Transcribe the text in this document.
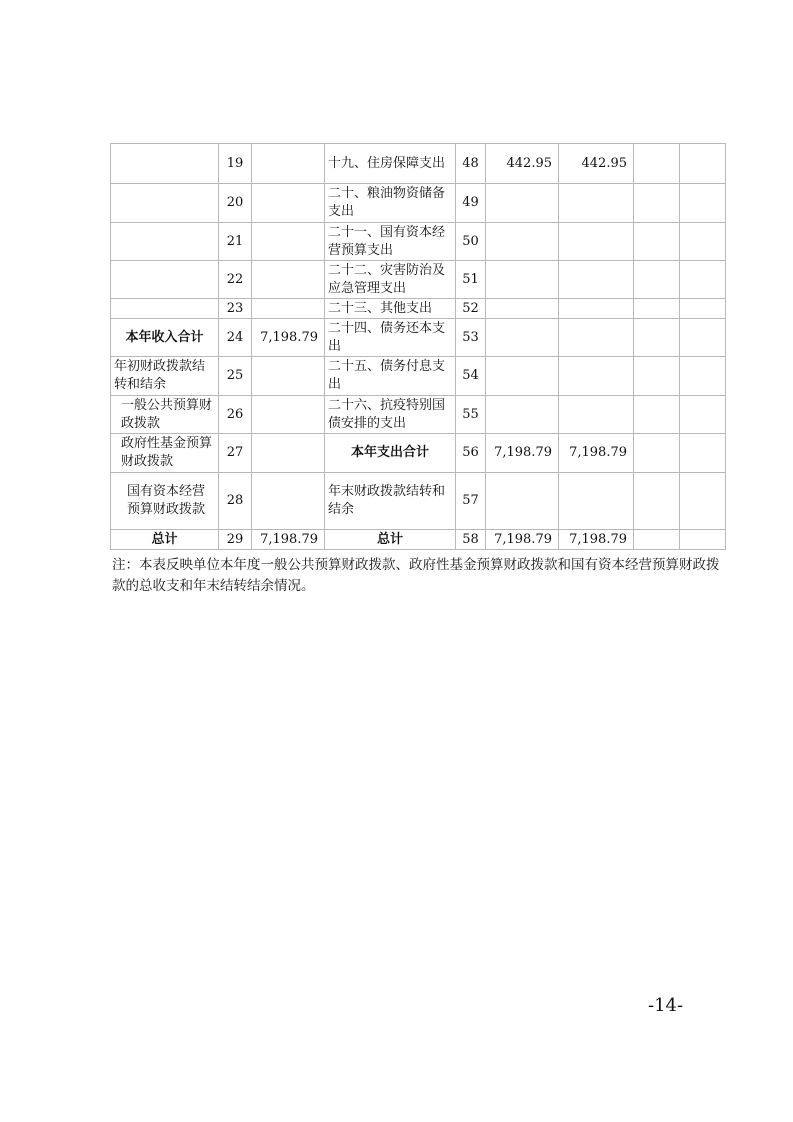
	19		十九、住房保障支出	48	442.95	442.95		
	20		二十、粮油物资储备支出	49				
	21		二十一、国有资本经营预算支出	50				
	22		二十二、灾害防治及应急管理支出	51				
	23		二十三、其他支出	52				
本年收入合计	24	7,198.79	二十四、债务还本支出	53				
年初财政拨款结转和结余	25		二十五、债务付息支出	54				
一般公共预算财政拨款	26		二十六、抗疫特别国债安排的支出	55				
政府性基金预算财政拨款	27		本年支出合计	56	7,198.79	7,198.79		
国有资本经营预算财政拨款	28		年末财政拨款结转和结余	57				
总计	29	7,198.79	总计	58	7,198.79	7,198.79		
注：本表反映单位本年度一般公共预算财政拨款、政府性基金预算财政拨款和国有资本经营预算财政拨款的总收支和年末结转结余情况。
-14-
